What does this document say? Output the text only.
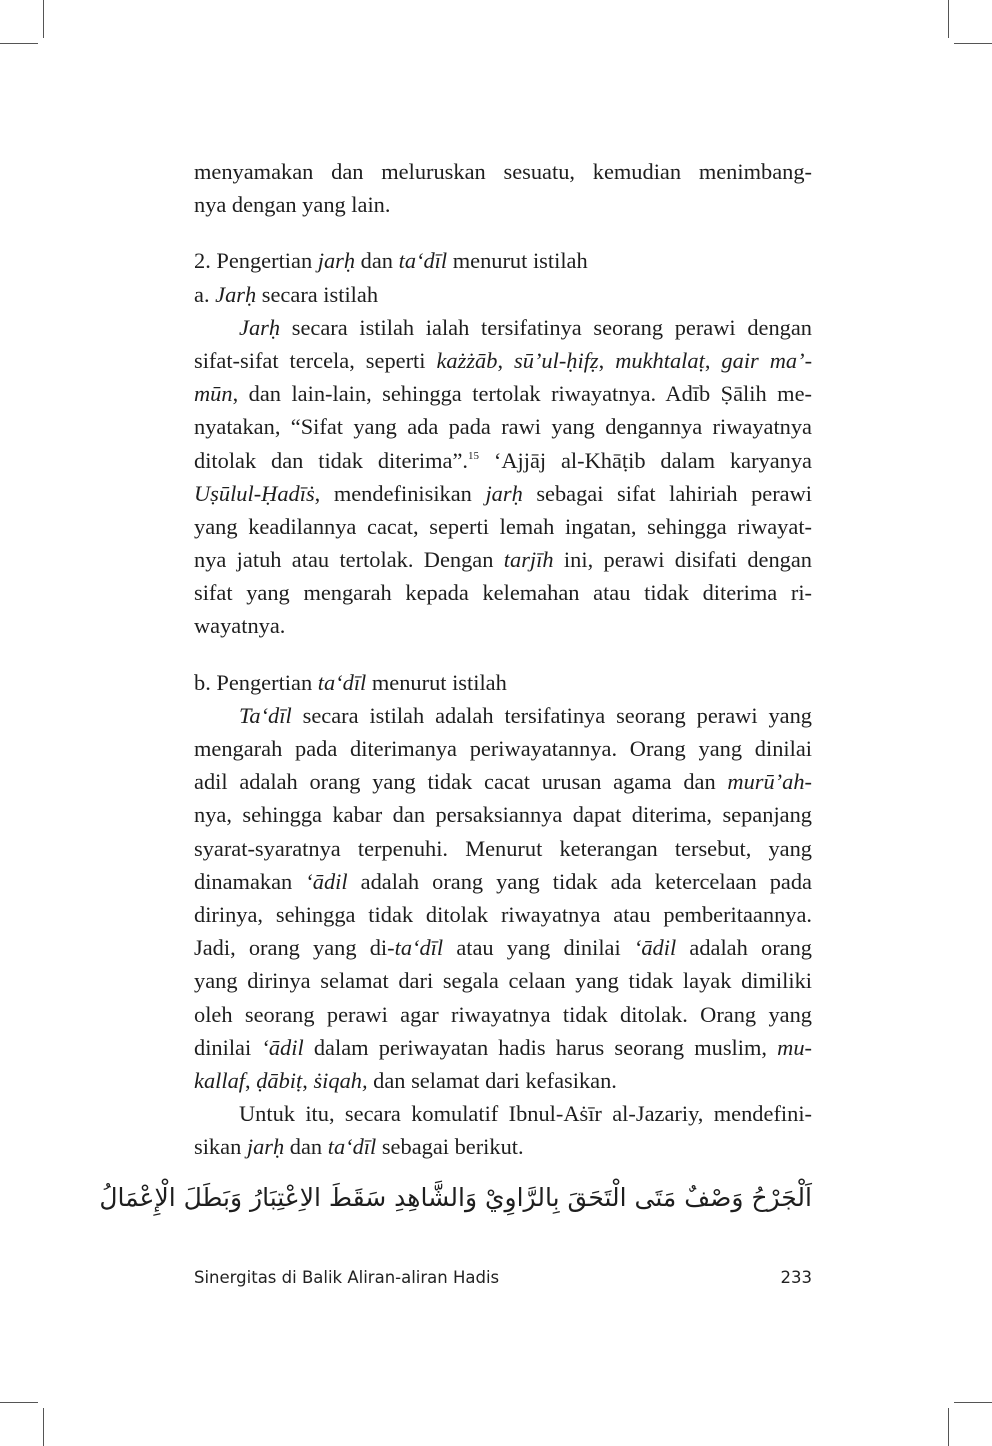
menyamakan dan meluruskan sesuatu, kemudian menimbang-
nya dengan yang lain.
2. Pengertian jarḥ dan ta‘dīl menurut istilah
a. Jarḥ secara istilah
Jarḥ secara istilah ialah tersifatinya seorang perawi dengan
sifat-sifat tercela, seperti każżāb, sū’ul-ḥifẓ, mukhtalaṭ, gair ma’-
mūn, dan lain-lain, sehingga tertolak riwayatnya. Adīb Ṣālih me-
nyatakan, “Sifat yang ada pada rawi yang dengannya riwayatnya
ditolak dan tidak diterima”.$^{15}$ ‘Ajjāj al-Khāṭib dalam karyanya
Uṣūlul-Ḥadīṡ, mendefinisikan jarḥ sebagai sifat lahiriah perawi
yang keadilannya cacat, seperti lemah ingatan, sehingga riwayat-
nya jatuh atau tertolak. Dengan tarjīh ini, perawi disifati dengan
sifat yang mengarah kepada kelemahan atau tidak diterima ri-
wayatnya.
b. Pengertian ta‘dīl menurut istilah
Ta‘dīl secara istilah adalah tersifatinya seorang perawi yang
mengarah pada diterimanya periwayatannya. Orang yang dinilai
adil adalah orang yang tidak cacat urusan agama dan murū’ah-
nya, sehingga kabar dan persaksiannya dapat diterima, sepanjang
syarat-syaratnya terpenuhi. Menurut keterangan tersebut, yang
dinamakan ‘ādil adalah orang yang tidak ada ketercelaan pada
dirinya, sehingga tidak ditolak riwayatnya atau pemberitaannya.
Jadi, orang yang di-ta‘dīl atau yang dinilai ‘ādil adalah orang
yang dirinya selamat dari segala celaan yang tidak layak dimiliki
oleh seorang perawi agar riwayatnya tidak ditolak. Orang yang
dinilai ‘ādil dalam periwayatan hadis harus seorang muslim, mu-
kallaf, ḍābiṭ, ṡiqah, dan selamat dari kefasikan.
Untuk itu, secara komulatif Ibnul-Aṡīr al-Jazariy, mendefini-
sikan jarḥ dan ta‘dīl sebagai berikut.
اَلْجَرْحُ وَصْفٌ مَتَى الْتَحَقَ بِالرَّاوِيْ وَالشَّاهِدِ سَقَطَ الاِعْتِبَارُ وَبَطَلَ الْإِعْمَالُ
Sinergitas di Balik Aliran-aliran Hadis	233
